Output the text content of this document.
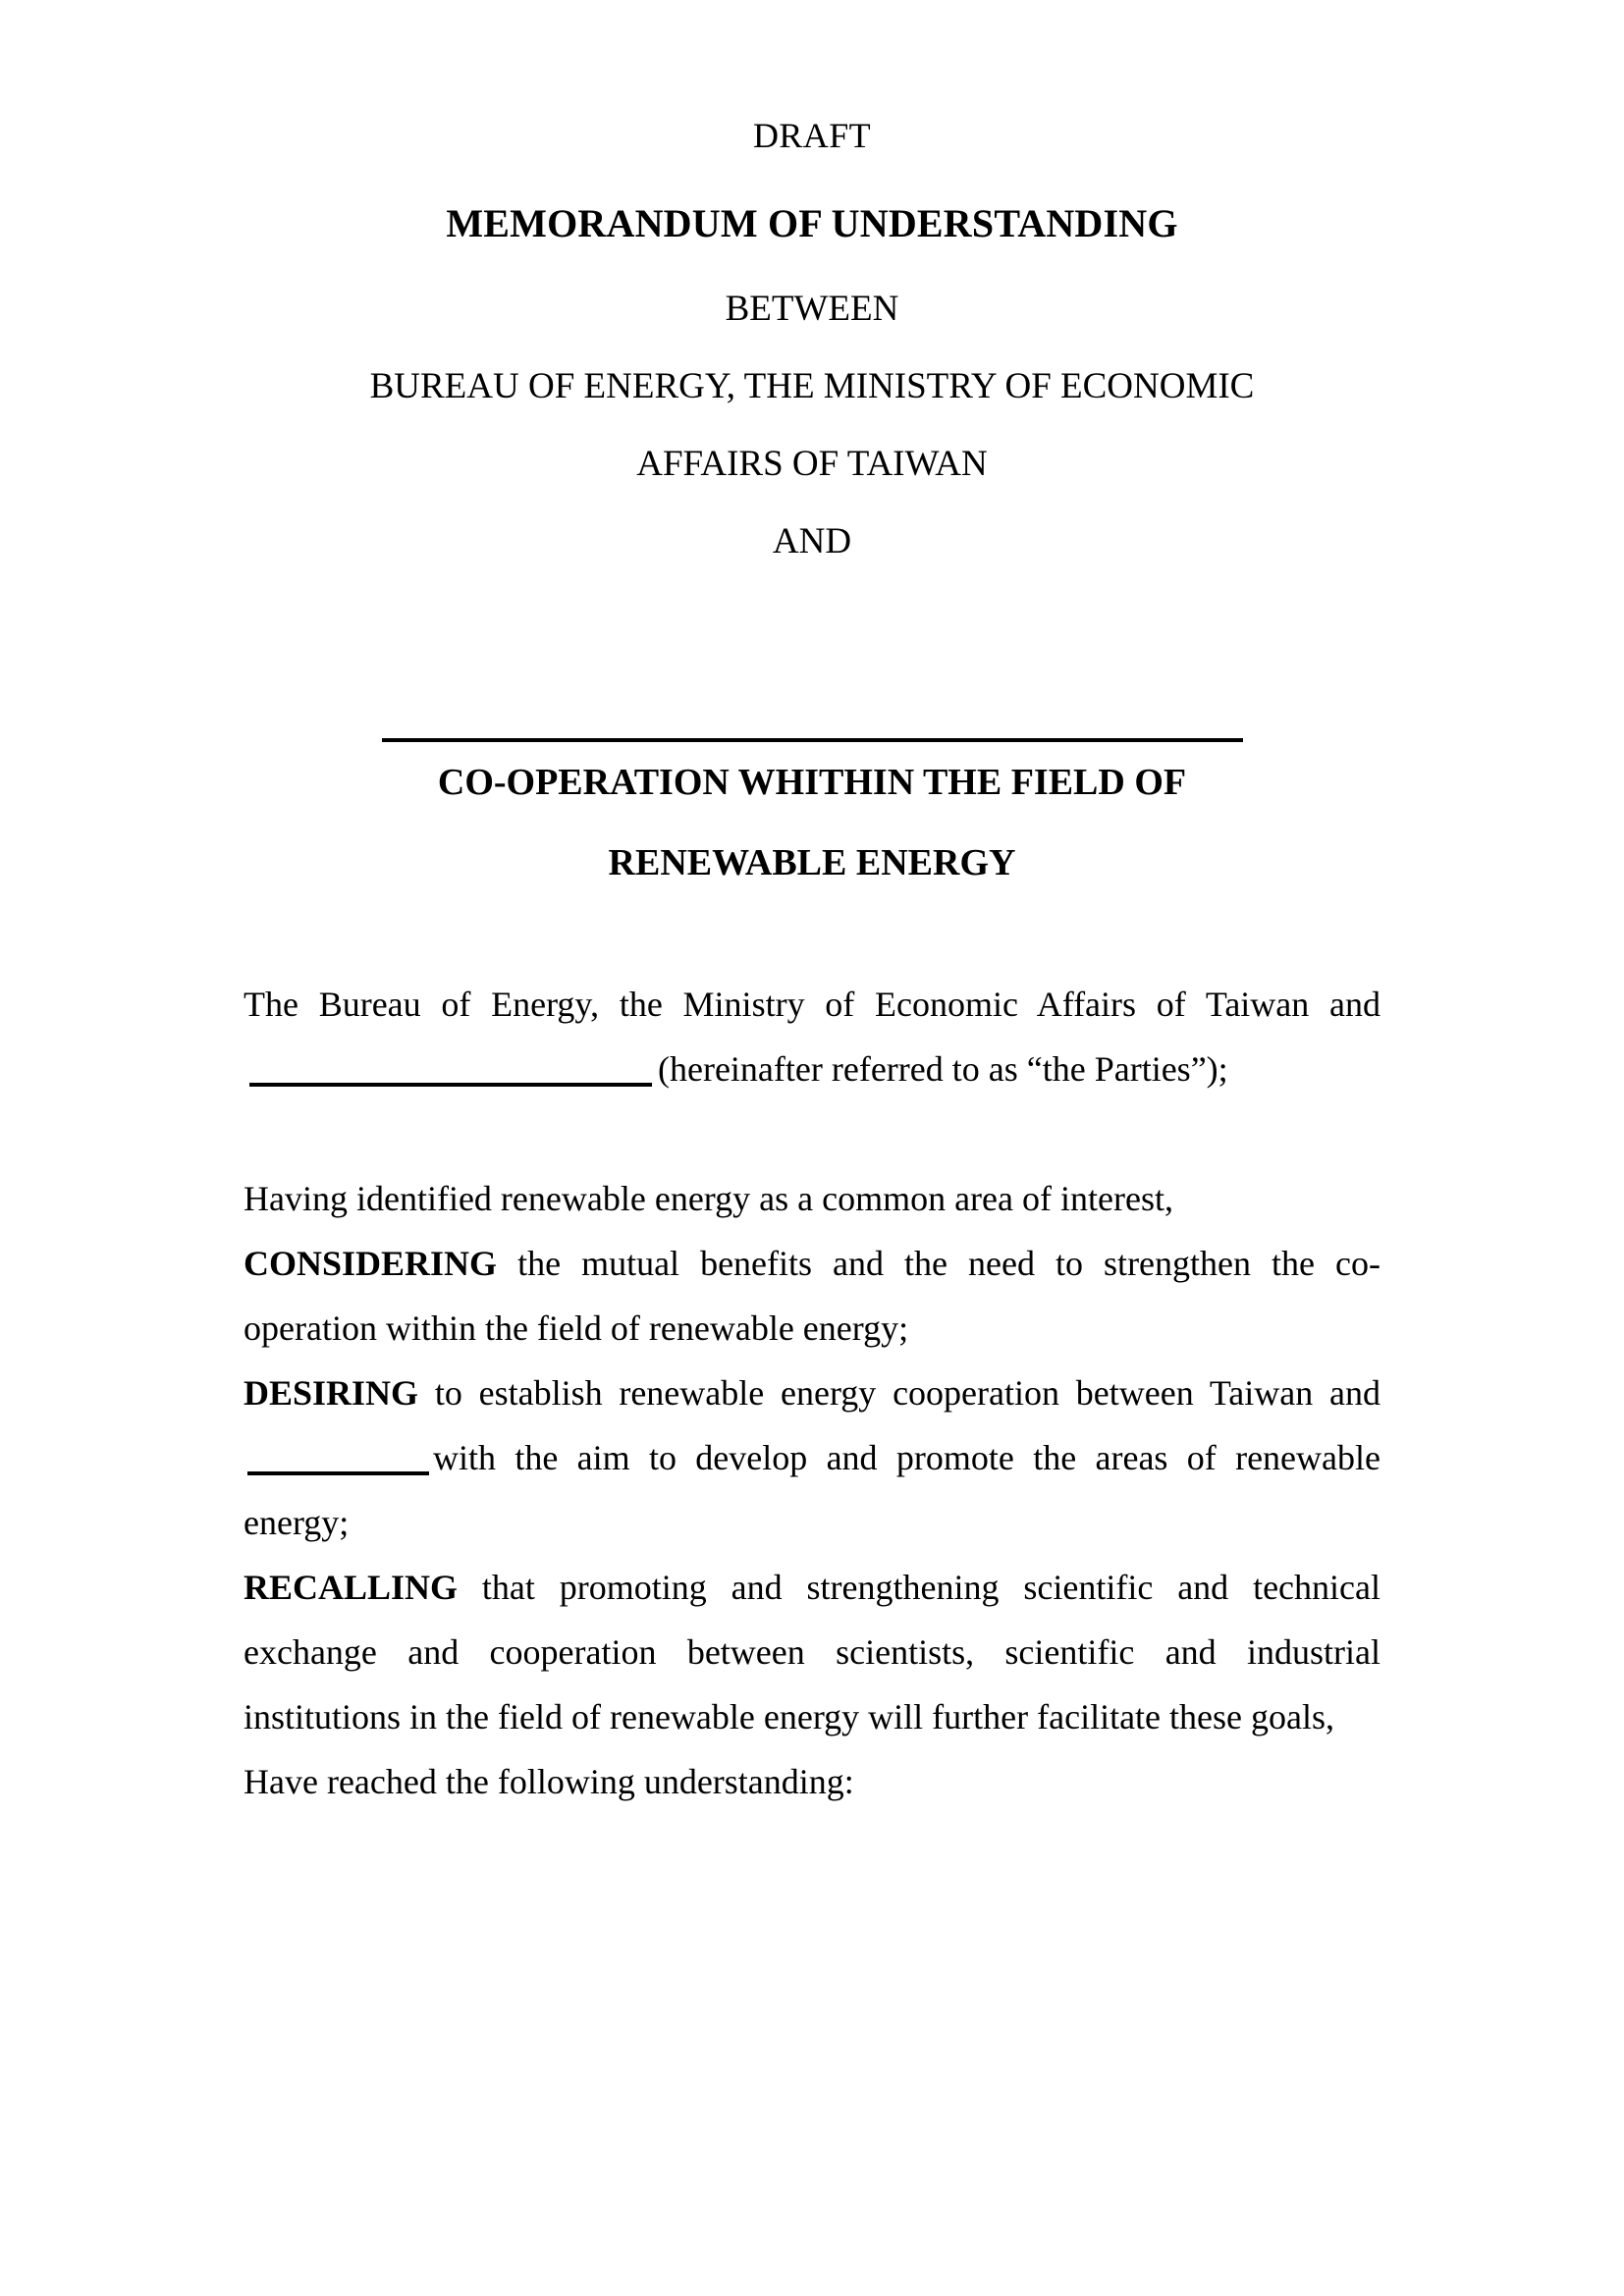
DRAFT
MEMORANDUM OF UNDERSTANDING
BETWEEN
BUREAU OF ENERGY, THE MINISTRY OF ECONOMIC
AFFAIRS OF TAIWAN
AND
CO-OPERATION WHITHIN THE FIELD OF
RENEWABLE ENERGY

The Bureau of Energy, the Ministry of Economic Affairs of Taiwan and(hereinafter referred to as “the Parties”);

Having identified renewable energy as a common area of interest,

CONSIDERING the mutual benefits and the need to strengthen the co-operation within the field of renewable energy;

DESIRING to establish renewable energy cooperation between Taiwan andwith the aim to develop and promote the areas of renewable energy;

RECALLING that promoting and strengthening scientific and technical exchange and cooperation between scientists, scientific and industrial institutions in the field of renewable energy will further facilitate these goals,

Have reached the following understanding:
